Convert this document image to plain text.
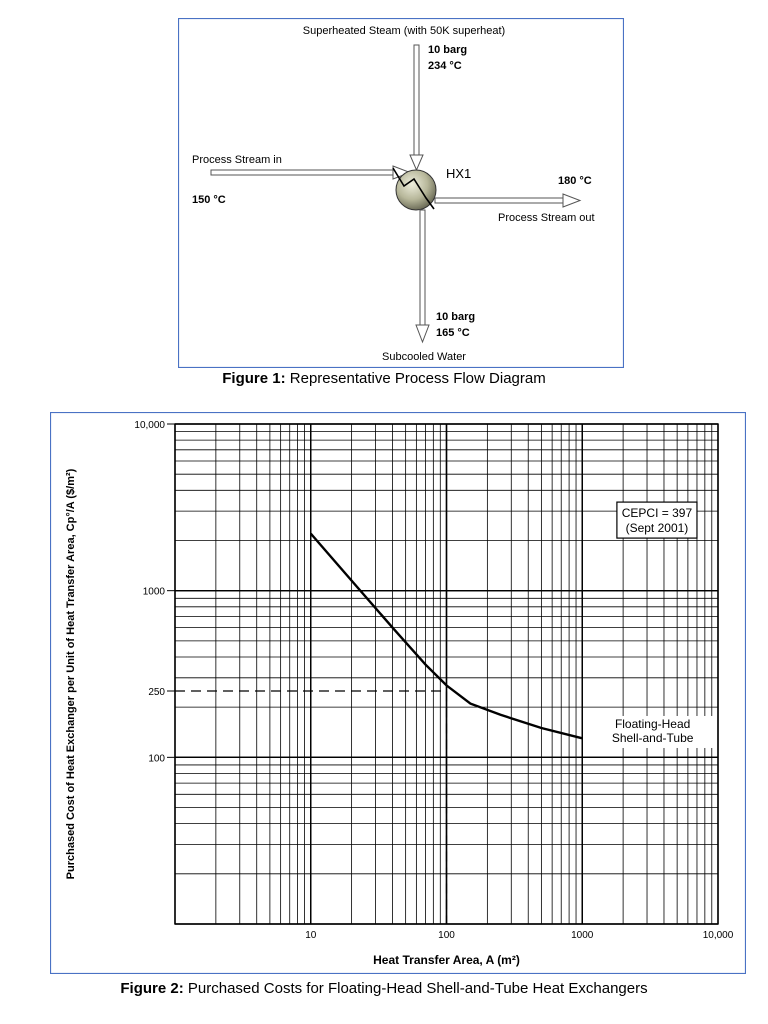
Superheated Steam (with 50K superheat)
10 barg
234 °C
Process Stream in
150 °C
HX1	180 °C
Process Stream out
10 barg
165 °C
Subcooled Water
Figure 1: Representative Process Flow Diagram
10,000
1000
250
100
10	100	1000	10,000
CEPCI = 397
(Sept 2001)
Floating-Head
Shell-and-Tube
Heat Transfer Area, A (m²)
Purchased Cost of Heat Exchanger per Unit of Heat Transfer Area, Cp°/A ($/m²)
Figure 2: Purchased Costs for Floating-Head Shell-and-Tube Heat Exchangers
